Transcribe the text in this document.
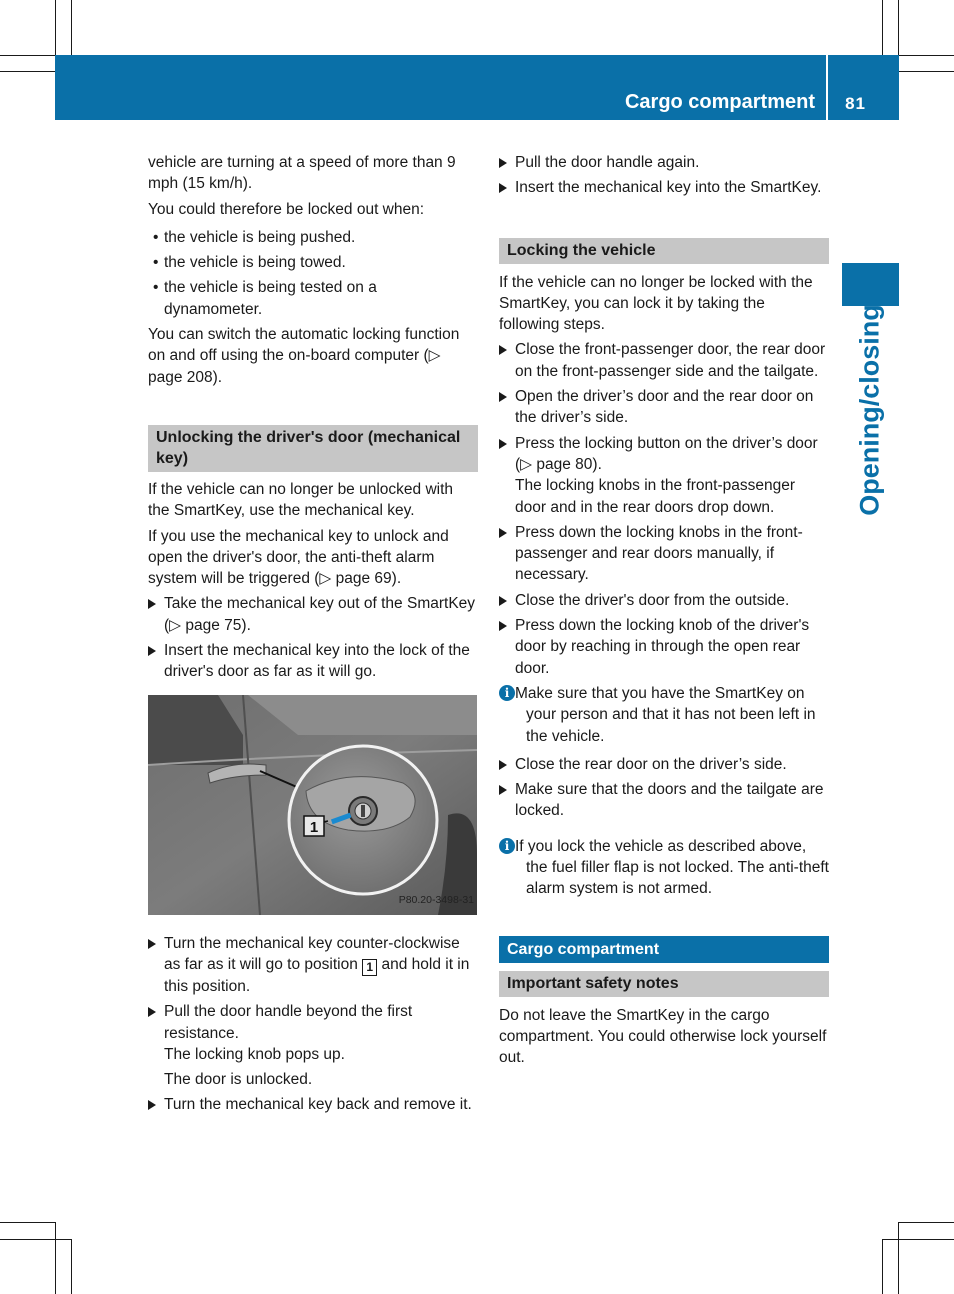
Cargo compartment 81
Opening/closing

vehicle are turning at a speed of more than 9 mph (15 km/h).

You could therefore be locked out when:

• the vehicle is being pushed.
• the vehicle is being towed.
• the vehicle is being tested on a dynamometer.

You can switch the automatic locking function on and off using the on-board computer (▷ page 208).

Unlocking the driver's door (mechanical key)

If the vehicle can no longer be unlocked with the SmartKey, use the mechanical key.

If you use the mechanical key to unlock and open the driver's door, the anti-theft alarm system will be triggered (▷ page 69).

Take the mechanical key out of the SmartKey (▷ page 75).
Insert the mechanical key into the lock of the driver's door as far as it will go.
1
P80.20-3498-31
Turn the mechanical key counter-clockwise as far as it will go to position 1 and hold it in this position.
Pull the door handle beyond the first resistance.

The locking knob pops up.

The door is unlocked.

Turn the mechanical key back and remove it.
Pull the door handle again.
Insert the mechanical key into the SmartKey.
Locking the vehicle

If the vehicle can no longer be locked with the SmartKey, you can lock it by taking the following steps.

Close the front-passenger door, the rear door on the front-passenger side and the tailgate.
Open the driver’s door and the rear door on the driver’s side.
Press the locking button on the driver’s door (▷ page 80).

The locking knobs in the front-passenger door and in the rear doors drop down.

Press down the locking knobs in the front-passenger and rear doors manually, if necessary.
Close the driver's door from the outside.
Press down the locking knob of the driver's door by reaching in through the open rear door.
i Make sure that you have the SmartKey on your person and that it has not been left in the vehicle.
Close the rear door on the driver’s side.
Make sure that the doors and the tailgate are locked.
i If you lock the vehicle as described above, the fuel filler flap is not locked. The anti-theft alarm system is not armed.
Cargo compartment
Important safety notes

Do not leave the SmartKey in the cargo compartment. You could otherwise lock yourself out.
